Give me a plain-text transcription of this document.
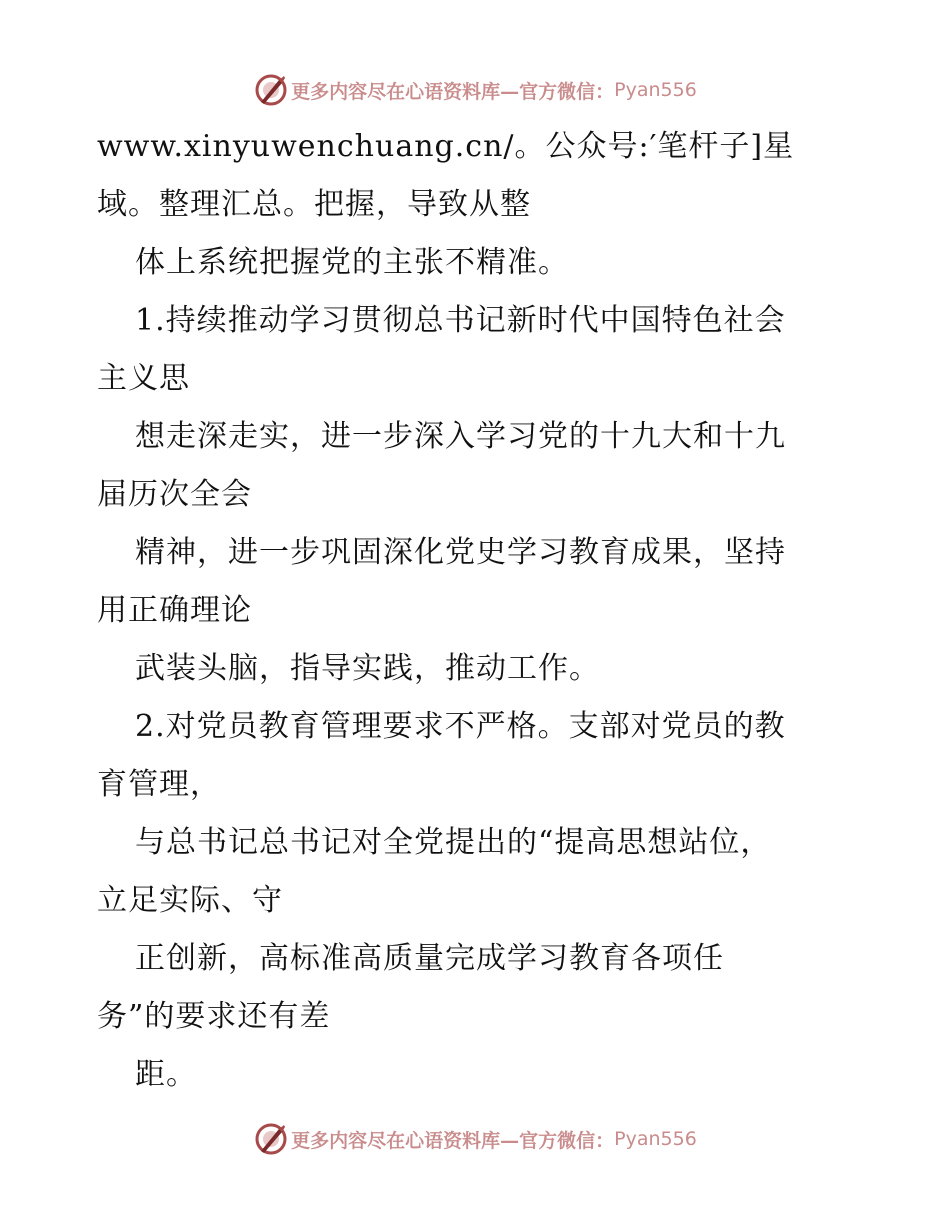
更多内容尽在心语资料库—官方微信： Pyan556
www.xinyuwenchuang.cn/。公众号:′笔杆子]星
域。整理汇总。把握，导致从整
体上系统把握党的主张不精准。
1.持续推动学习贯彻总书记新时代中国特色社会
主义思
想走深走实，进一步深入学习党的十九大和十九
届历次全会
精神，进一步巩固深化党史学习教育成果，坚持
用正确理论
武装头脑，指导实践，推动工作。
2.对党员教育管理要求不严格。支部对党员的教
育管理，
与总书记总书记对全党提出的“提高思想站位，
立足实际、守
正创新，高标准高质量完成学习教育各项任
务”的要求还有差
距。
更多内容尽在心语资料库—官方微信： Pyan556
